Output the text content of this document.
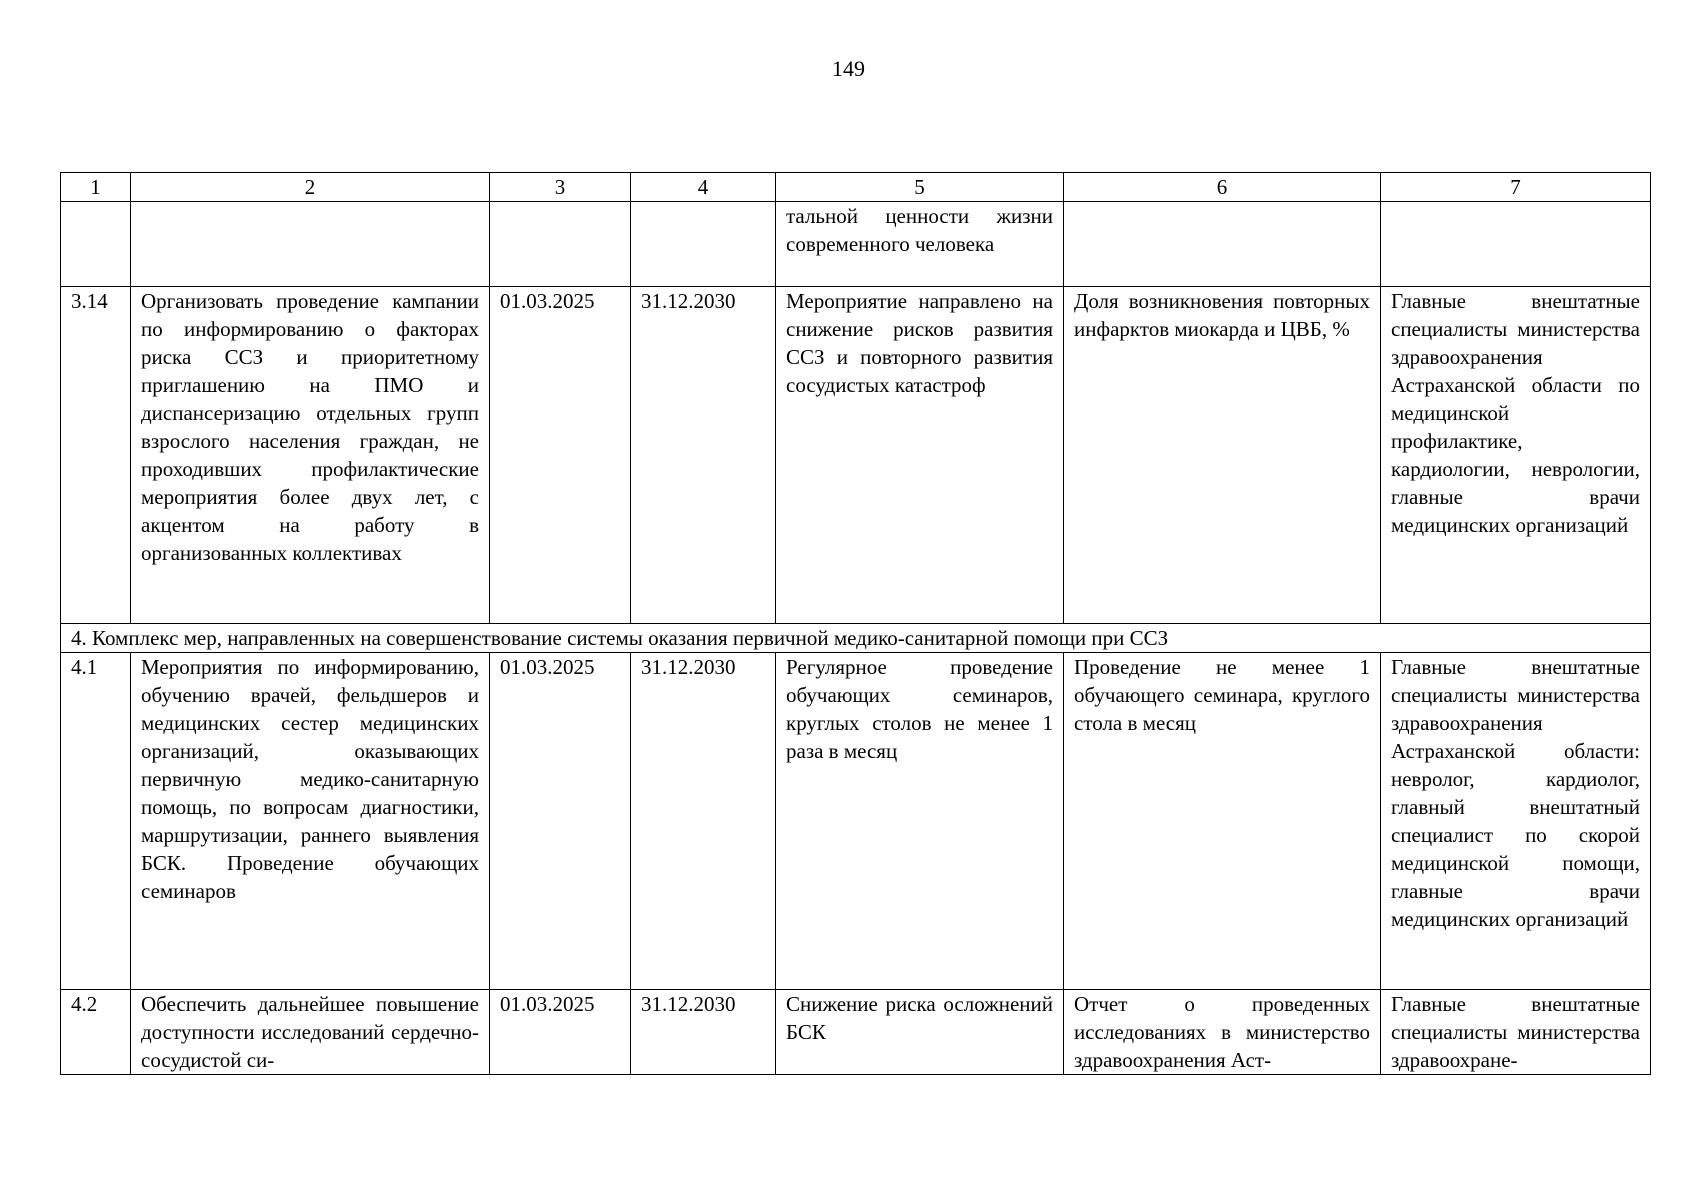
149
1	2	3	4	5	6	7
				тальной ценности жизни современного человека		
3.14	Организовать проведение кампании по информированию о факторах риска ССЗ и приоритетному приглашению на ПМО и диспансеризацию отдельных групп взрослого населения граждан, не проходивших профилактические мероприятия более двух лет, с акцентом на работу в организованных коллективах	01.03.2025	31.12.2030	Мероприятие направлено на снижение рисков развития ССЗ и повторного развития сосудистых катастроф	Доля возникновения повторных инфарктов миокарда и ЦВБ, %	Главные внештатные специалисты министерства здравоохранения Астраханской области по медицинской профилактике, кардиологии, неврологии, главные врачи медицинских организаций
4. Комплекс мер, направленных на совершенствование системы оказания первичной медико-санитарной помощи при ССЗ						
4.1	Мероприятия по информированию, обучению врачей, фельдшеров и медицинских сестер медицинских организаций, оказывающих первичную медико-санитарную помощь, по вопросам диагностики, маршрутизации, раннего выявления БСК. Проведение обучающих семинаров	01.03.2025	31.12.2030	Регулярное проведение обучающих семинаров, круглых столов не менее 1 раза в месяц	Проведение не менее 1 обучающего семинара, круглого стола в месяц	Главные внештатные специалисты министерства здравоохранения Астраханской области: невролог, кардиолог, главный внештатный специалист по скорой медицинской помощи, главные врачи медицинских организаций
4.2	Обеспечить дальнейшее повышение доступности исследований сердечно-сосудистой си-	01.03.2025	31.12.2030	Снижение риска осложнений БСК	Отчет о проведенных исследованиях в министерство здравоохранения Аст-	Главные внештатные специалисты министерства здравоохране-
